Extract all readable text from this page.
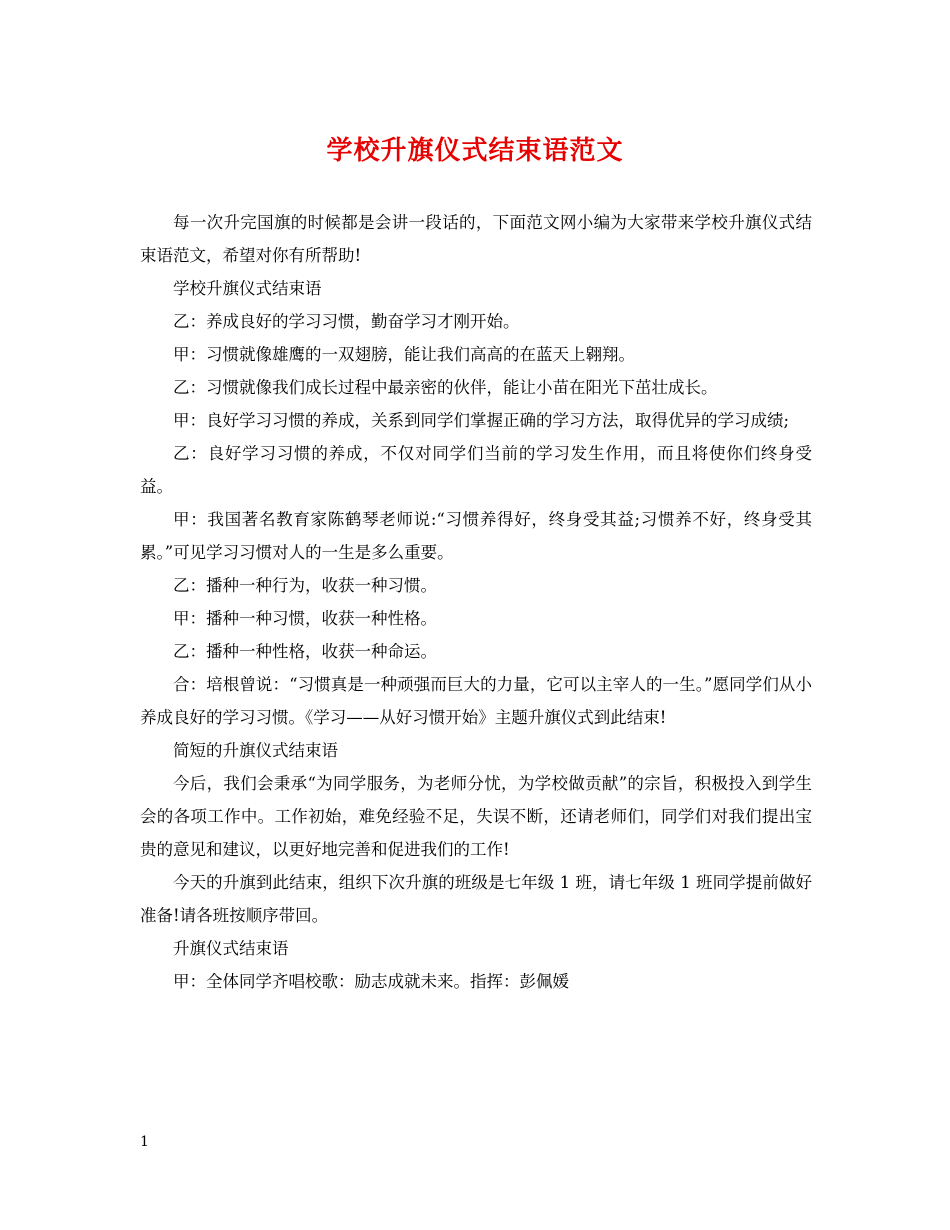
学校升旗仪式结束语范文

每一次升完国旗的时候都是会讲一段话的，下面范文网小编为大家带来学校升旗仪式结束语范文，希望对你有所帮助!

学校升旗仪式结束语

乙：养成良好的学习习惯，勤奋学习才刚开始。

甲：习惯就像雄鹰的一双翅膀，能让我们高高的在蓝天上翱翔。

乙：习惯就像我们成长过程中最亲密的伙伴，能让小苗在阳光下茁壮成长。

甲：良好学习习惯的养成，关系到同学们掌握正确的学习方法，取得优异的学习成绩;

乙：良好学习习惯的养成，不仅对同学们当前的学习发生作用，而且将使你们终身受益。

甲：我国著名教育家陈鹤琴老师说:“习惯养得好，终身受其益;习惯养不好，终身受其累。”可见学习习惯对人的一生是多么重要。

乙：播种一种行为，收获一种习惯。

甲：播种一种习惯，收获一种性格。

乙：播种一种性格，收获一种命运。

合：培根曾说：“习惯真是一种顽强而巨大的力量，它可以主宰人的一生。”愿同学们从小养成良好的学习习惯。《学习——从好习惯开始》主题升旗仪式到此结束!

简短的升旗仪式结束语

今后，我们会秉承“为同学服务，为老师分忧，为学校做贡献”的宗旨，积极投入到学生会的各项工作中。工作初始，难免经验不足，失误不断，还请老师们，同学们对我们提出宝贵的意见和建议，以更好地完善和促进我们的工作!

今天的升旗到此结束，组织下次升旗的班级是七年级 1 班，请七年级 1 班同学提前做好准备!请各班按顺序带回。

升旗仪式结束语

甲：全体同学齐唱校歌：励志成就未来。指挥：彭佩媛

1
